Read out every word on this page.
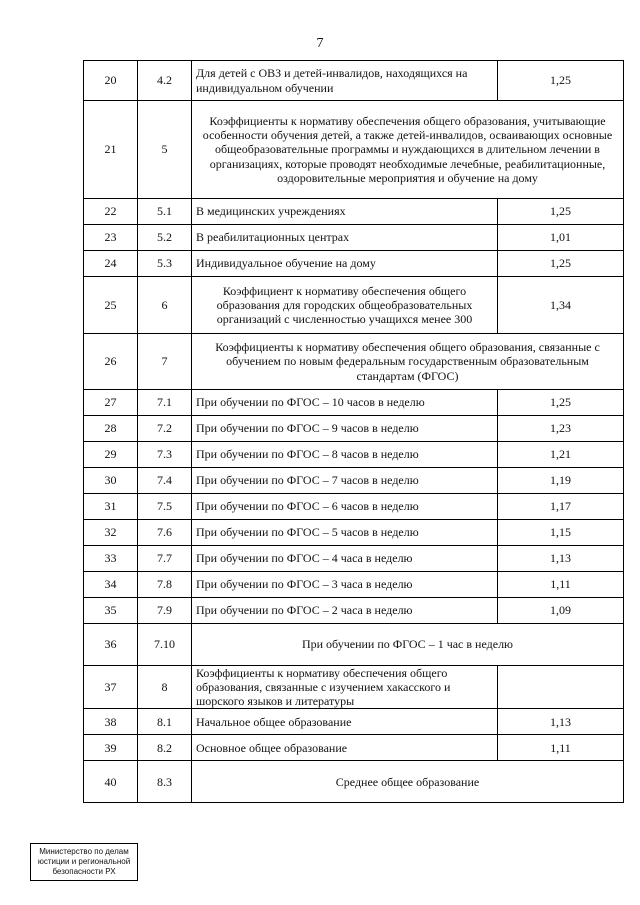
7
20	4.2	Для детей с ОВЗ и детей-инвалидов, находящихся на индивидуальном обучении	1,25
21	5	Коэффициенты к нормативу обеспечения общего образования, учитывающие особенности обучения детей, а также детей-инвалидов, осваивающих основные общеобразовательные программы и нуждающихся в длительном лечении в организациях, которые проводят необходимые лечебные, реабилитационные, оздоровительные мероприятия и обучение на дому	
22	5.1	В медицинских учреждениях	1,25
23	5.2	В реабилитационных центрах	1,01
24	5.3	Индивидуальное обучение на дому	1,25
25	6	Коэффициент к нормативу обеспечения общего образования для городских общеобразовательных организаций с численностью учащихся менее 300	1,34
26	7	Коэффициенты к нормативу обеспечения общего образования, связанные с обучением по новым федеральным государственным образовательным стандартам (ФГОС)	
27	7.1	При обучении по ФГОС – 10 часов в неделю	1,25
28	7.2	При обучении по ФГОС – 9 часов в неделю	1,23
29	7.3	При обучении по ФГОС – 8 часов в неделю	1,21
30	7.4	При обучении по ФГОС – 7 часов в неделю	1,19
31	7.5	При обучении по ФГОС – 6 часов в неделю	1,17
32	7.6	При обучении по ФГОС – 5 часов в неделю	1,15
33	7.7	При обучении по ФГОС – 4 часа в неделю	1,13
34	7.8	При обучении по ФГОС – 3 часа в неделю	1,11
35	7.9	При обучении по ФГОС – 2 часа в неделю	1,09
36	7.10	При обучении по ФГОС – 1 час в неделю	
37	8	Коэффициенты к нормативу обеспечения общего образования, связанные с изучением хакасского и шорского языков и литературы	
38	8.1	Начальное общее образование	1,13
39	8.2	Основное общее образование	1,11
40	8.3	Среднее общее образование	
Министерство по делам
юстиции и региональной
безопасности РХ
